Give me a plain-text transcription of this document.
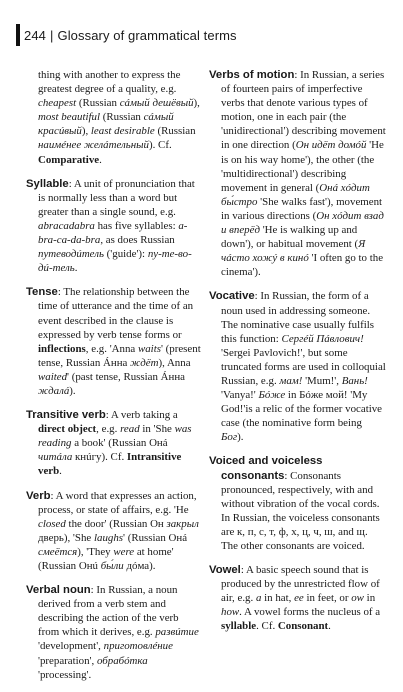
244 | Glossary of grammatical terms

thing with another to express the greatest degree of a quality, e.g. cheapest (Russian сáмый дешёвый), most beautiful (Russian сáмый красúвый), least desirable (Russian наимéнее желáтельный). Cf. Comparative.

Syllable: A unit of pronunciation that is normally less than a word but greater than a single sound, e.g. abracadabra has five syllables: a-bra-ca-da-bra, as does Russian путеводúтель ('guide'): пу-те-во-дú-тель.

Tense: The relationship between the time of utterance and the time of an event described in the clause is expressed by verb tense forms or inflections, e.g. 'Anna waits' (present tense, Russian Áнна ждёт), Anna waited' (past tense, Russian Áнна ждалá).

Transitive verb: A verb taking a direct object, e.g. read in 'She was reading a book' (Russian Онá читáла кнúгу). Cf. Intransitive verb.

Verb: A word that expresses an action, process, or state of affairs, e.g. 'He closed the door' (Russian Он закрыл дверь), 'She laughs' (Russian Онá смеётся), 'They were at home' (Russian Онú бы́ли дóма).

Verbal noun: In Russian, a noun derived from a verb stem and describing the action of the verb from which it derives, e.g. развúтие 'development', приготовлéние 'preparation', обрабóтка 'processing'.

Verbs of motion: In Russian, a series of fourteen pairs of imperfective verbs that denote various types of motion, one in each pair (the 'unidirectional') describing movement in one direction (Он идёт домóй 'He is on his way home'), the other (the 'multidirectional') describing movement in general (Онá хóдит бы́стро 'She walks fast'), movement in various directions (Он хóдит взад и вперёд 'He is walking up and down'), or habitual movement (Я чáсто хожý в кинó 'I often go to the cinema').

Vocative: In Russian, the form of a noun used in addressing someone. The nominative case usually fulfils this function: Сергéй Пáвлович! 'Sergei Pavlovich!', but some truncated forms are used in colloquial Russian, e.g. мам! 'Mum!', Вань! 'Vanya!' Бóже in Бóже мой! 'My God!'is a relic of the former vocative case (the nominative form being Бог).

Voiced and voiceless consonants: Consonants pronounced, respectively, with and without vibration of the vocal cords. In Russian, the voiceless consonants are к, п, с, т, ф, х, ц, ч, ш, and щ. The other consonants are voiced.

Vowel: A basic speech sound that is produced by the unrestricted flow of air, e.g. a in hat, ee in feet, or ow in how. A vowel forms the nucleus of a syllable. Cf. Consonant.
